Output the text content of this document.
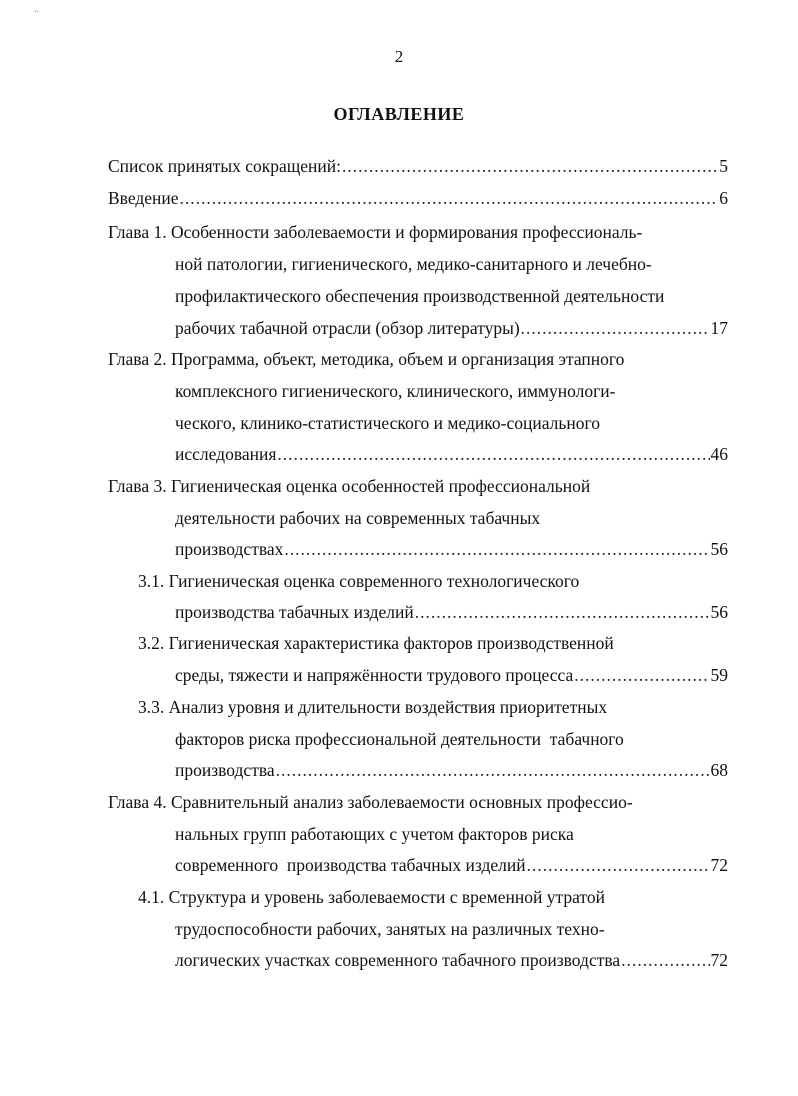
..
2
ОГЛАВЛЕНИЕ
Список принятых сокращений: .....	5
Введение .....	6
Глава 1. Особенности заболеваемости и формирования профессиональ-
ной патологии, гигиенического, медико-санитарного и лечебно-
профилактического обеспечения производственной деятельности
рабочих табачной отрасли (обзор литературы) .....	17
Глава 2. Программа, объект, методика, объем и организация этапного
комплексного гигиенического, клинического, иммунологи-
ческого, клинико-статистического и медико-социального
исследования .....	46
Глава 3. Гигиеническая оценка особенностей профессиональной
деятельности рабочих на современных табачных
производствах .....	56
3.1. Гигиеническая оценка современного технологического
производства табачных изделий .....	56
3.2. Гигиеническая характеристика факторов производственной
среды, тяжести и напряжённости трудового процесса .....	59
3.3. Анализ уровня и длительности воздействия приоритетных
факторов риска профессиональной деятельности  табачного
производства .....	68
Глава 4. Сравнительный анализ заболеваемости основных профессио-
нальных групп работающих с учетом факторов риска
современного  производства табачных изделий .....	72
4.1. Структура и уровень заболеваемости с временной утратой
трудоспособности рабочих, занятых на различных техно-
логических участках современного табачного производства .....	72
